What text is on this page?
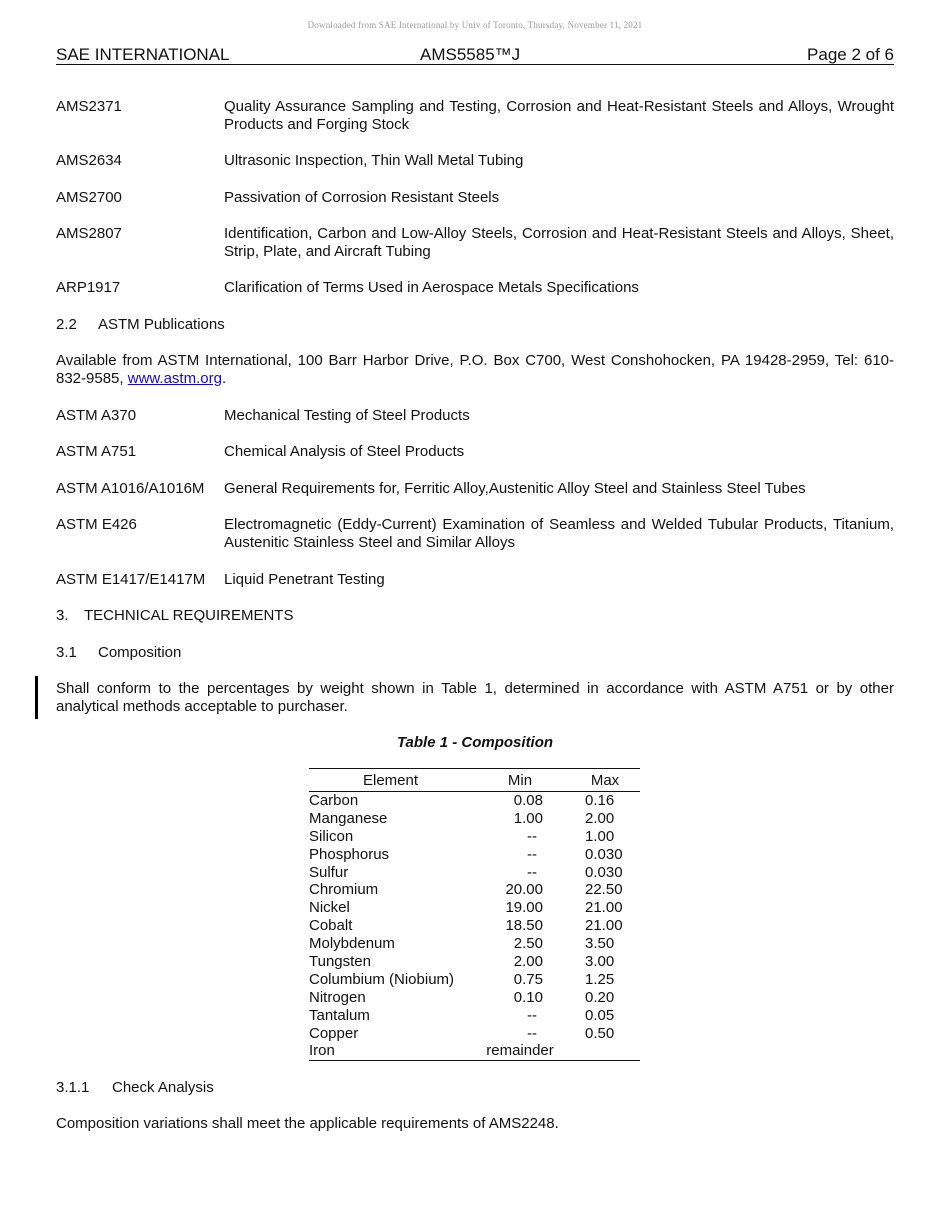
Downloaded from SAE International by Univ of Toronto, Thursday, November 11, 2021
SAE INTERNATIONAL	AMS5585™J	Page 2 of 6
AMS2371	Quality Assurance Sampling and Testing, Corrosion and Heat-Resistant Steels and Alloys, Wrought Products and Forging Stock
AMS2634	Ultrasonic Inspection, Thin Wall Metal Tubing
AMS2700	Passivation of Corrosion Resistant Steels
AMS2807	Identification, Carbon and Low-Alloy Steels, Corrosion and Heat-Resistant Steels and Alloys, Sheet, Strip, Plate, and Aircraft Tubing
ARP1917	Clarification of Terms Used in Aerospace Metals Specifications
2.2 ASTM Publications
Available from ASTM International, 100 Barr Harbor Drive, P.O. Box C700, West Conshohocken, PA 19428-2959, Tel: 610-832-9585, www.astm.org.
ASTM A370	Mechanical Testing of Steel Products
ASTM A751	Chemical Analysis of Steel Products
ASTM A1016/A1016M General Requirements for, Ferritic Alloy,Austenitic Alloy Steel and Stainless Steel Tubes
ASTM E426	Electromagnetic (Eddy-Current) Examination of Seamless and Welded Tubular Products, Titanium, Austenitic Stainless Steel and Similar Alloys
ASTM E1417/E1417M Liquid Penetrant Testing
3. TECHNICAL REQUIREMENTS
3.1 Composition
Shall conform to the percentages by weight shown in Table 1, determined in accordance with ASTM A751 or by other analytical methods acceptable to purchaser.
Table 1 - Composition
Element	Min	Max
Carbon	0.08	0.16
Manganese	1.00	2.00
Silicon	--	1.00
Phosphorus	--	0.030
Sulfur	--	0.030
Chromium	20.00	22.50
Nickel	19.00	21.00
Cobalt	18.50	21.00
Molybdenum	2.50	3.50
Tungsten	2.00	3.00
Columbium (Niobium)	0.75	1.25
Nitrogen	0.10	0.20
Tantalum	--	0.05
Copper	--	0.50
Iron	remainder
3.1.1 Check Analysis
Composition variations shall meet the applicable requirements of AMS2248.
